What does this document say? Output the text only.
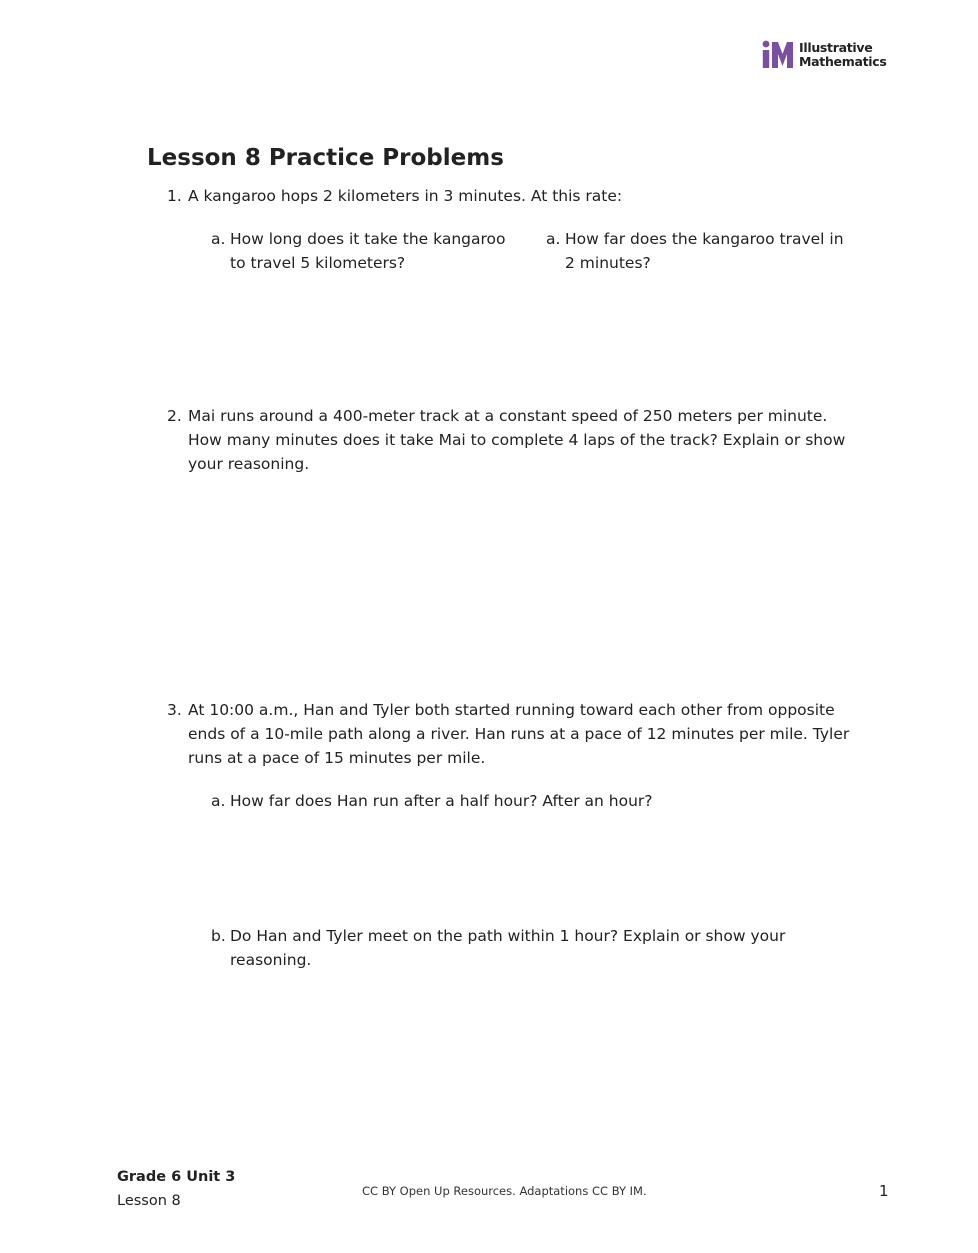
Illustrative
Mathematics
Lesson 8 Practice Problems
1. A kangaroo hops 2 kilometers in 3 minutes. At this rate:
a. How long does it take the kangaroo to travel 5 kilometers?
a. How far does the kangaroo travel in 2 minutes?
2. Mai runs around a 400-meter track at a constant speed of 250 meters per minute. How many minutes does it take Mai to complete 4 laps of the track? Explain or show your reasoning.
3. At 10:00 a.m., Han and Tyler both started running toward each other from opposite ends of a 10-mile path along a river. Han runs at a pace of 12 minutes per mile. Tyler runs at a pace of 15 minutes per mile.
a. How far does Han run after a half hour? After an hour?
b. Do Han and Tyler meet on the path within 1 hour? Explain or show your reasoning.
Grade 6 Unit 3
Lesson 8
CC BY Open Up Resources. Adaptations CC BY IM.	1
